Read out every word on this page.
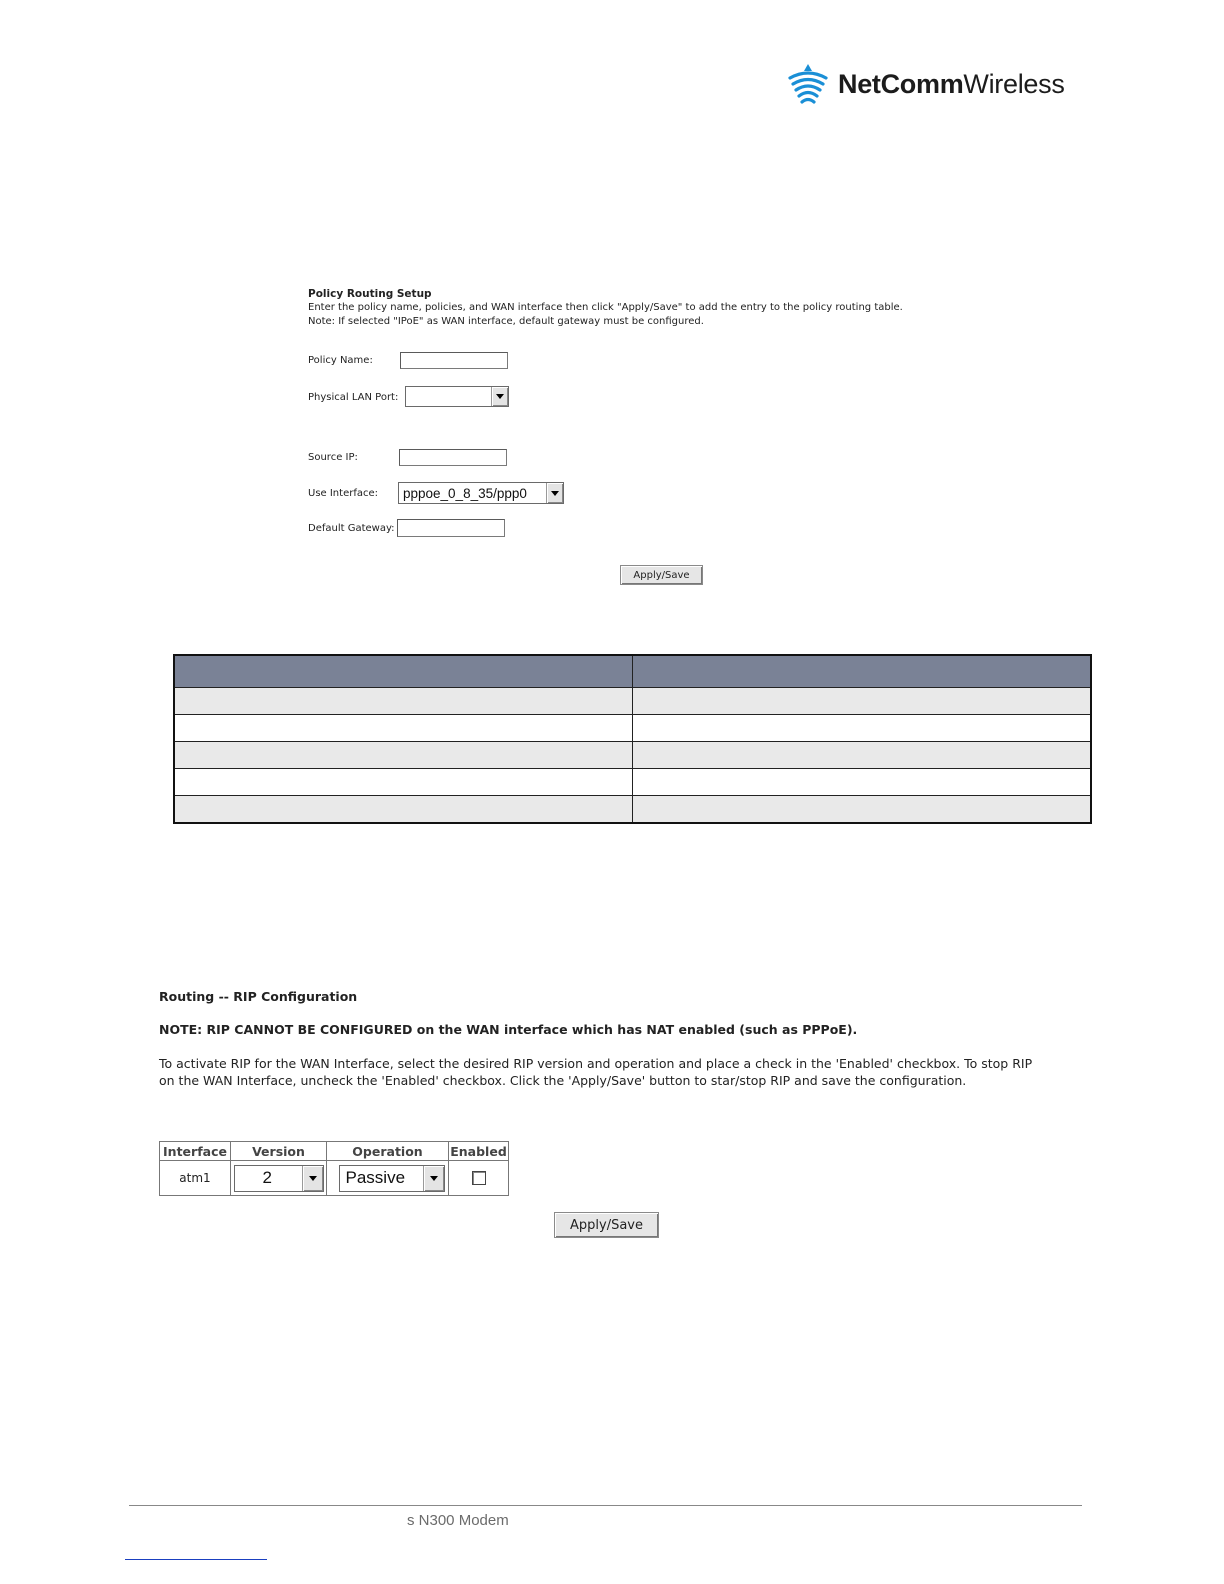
NetCommWireless
Policy Routing Setup
Enter the policy name, policies, and WAN interface then click "Apply/Save" to add the entry to the policy routing table.
Note: If selected "IPoE" as WAN interface, default gateway must be configured.
Policy Name:
Physical LAN Port:
Source IP:
Use Interface: pppoe_0_8_35/ppp0
Default Gateway:
Apply/Save
Routing -- RIP Configuration
NOTE: RIP CANNOT BE CONFIGURED on the WAN interface which has NAT enabled (such as PPPoE).
To activate RIP for the WAN Interface, select the desired RIP version and operation and place a check in the 'Enabled' checkbox. To stop RIP
on the WAN Interface, uncheck the 'Enabled' checkbox. Click the 'Apply/Save' button to star/stop RIP and save the configuration.
Interface	Version	Operation	Enabled
atm1	2	Passive
Apply/Save
s N300 Modem
